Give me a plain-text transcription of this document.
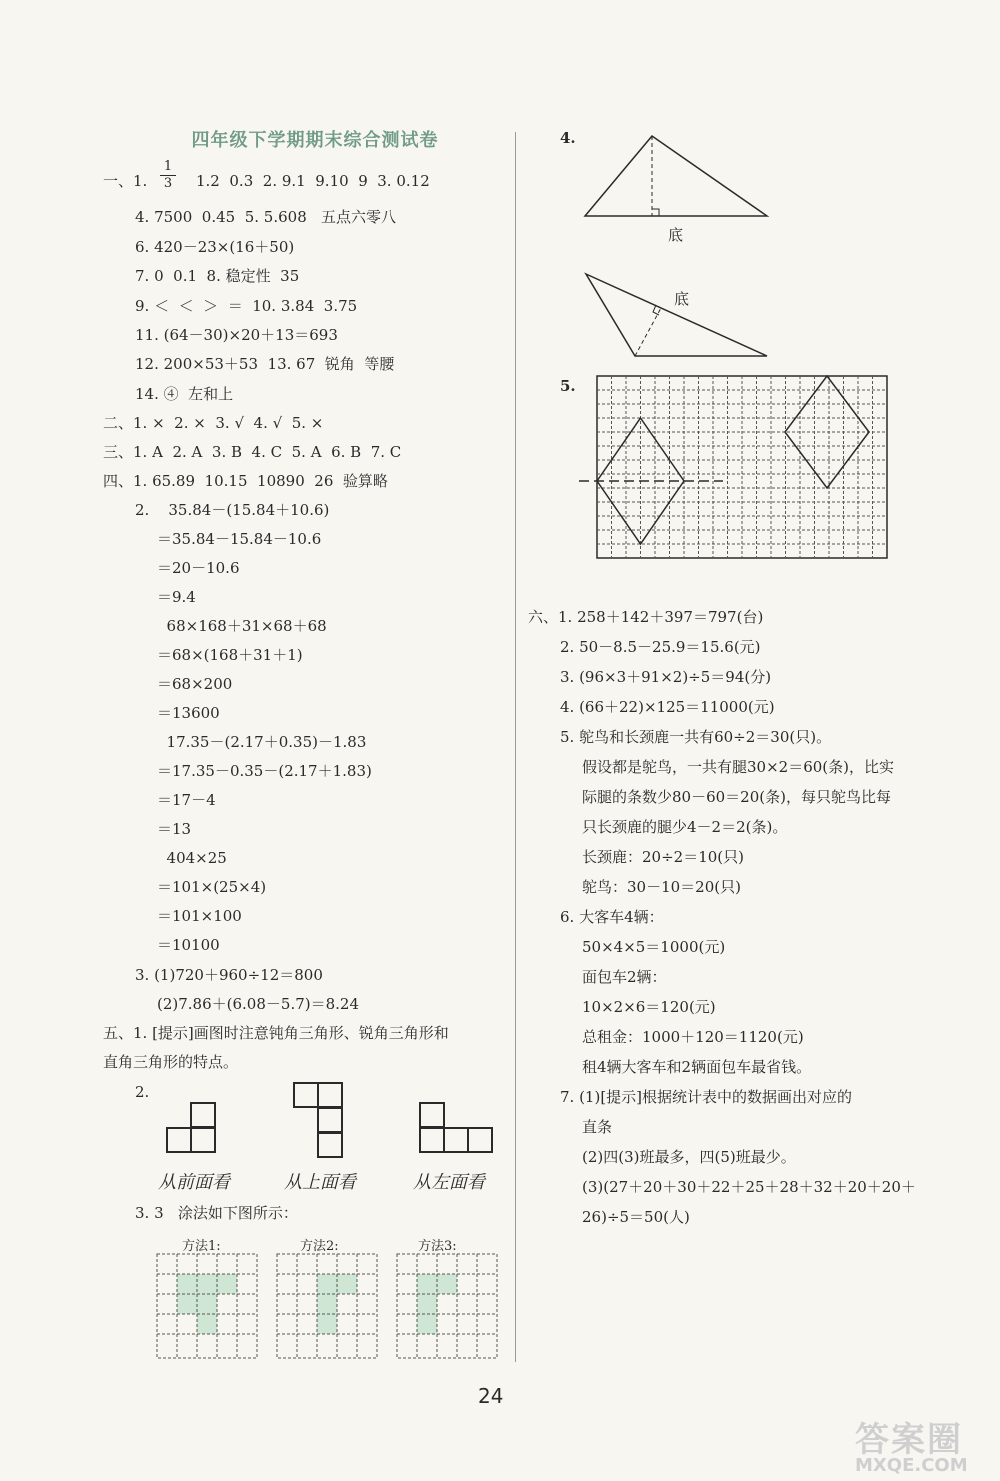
四年级下学期期末综合测试卷
一、1.
1
3 1.2  0.3  2. 9.1  9.10  9  3. 0.12
4. 7500  0.45  5. 5.608   五点六零八
6. 420－23×(16＋50)
7. 0  0.1  8. 稳定性  35
9. ＜  ＜  ＞  ＝  10. 3.84  3.75
11. (64－30)×20＋13＝693
12. 200×53＋53  13. 67  锐角  等腰
14. ④  左和上
二、1. ×  2. ×  3. √  4. √  5. ×
三、1. A  2. A  3. B  4. C  5. A  6. B  7. C
四、1. 65.89  10.15  10890  26  验算略
2.    35.84－(15.84＋10.6)
＝35.84－15.84－10.6
＝20－10.6
＝9.4
68×168＋31×68＋68
＝68×(168＋31＋1)
＝68×200
＝13600
17.35－(2.17＋0.35)－1.83
＝17.35－0.35－(2.17＋1.83)
＝17－4
＝13
404×25
＝101×(25×4)
＝101×100
＝10100
3. (1)720＋960÷12＝800
(2)7.86＋(6.08－5.7)＝8.24
五、1. [提示]画图时注意钝角三角形、锐角三角形和
直角三角形的特点。
2.
从前面看	从上面看	从左面看
3. 3   涂法如下图所示：
方法1:	方法2:	方法3:
4.
底
底
5.
六、1. 258＋142＋397＝797(台)
2. 50－8.5－25.9＝15.6(元)
3. (96×3＋91×2)÷5＝94(分)
4. (66＋22)×125＝11000(元)
5. 鸵鸟和长颈鹿一共有60÷2＝30(只)。
假设都是鸵鸟，一共有腿30×2＝60(条)，比实
际腿的条数少80－60＝20(条)，每只鸵鸟比每
只长颈鹿的腿少4－2＝2(条)。
长颈鹿：20÷2＝10(只)
鸵鸟：30－10＝20(只)
6. 大客车4辆：
50×4×5＝1000(元)
面包车2辆：
10×2×6＝120(元)
总租金：1000＋120＝1120(元)
租4辆大客车和2辆面包车最省钱。
7. (1)[提示]根据统计表中的数据画出对应的
直条
(2)四(3)班最多，四(5)班最少。
(3)(27＋20＋30＋22＋25＋28＋32＋20＋20＋
26)÷5＝50(人)
24
答案圈
MXQE.COM
